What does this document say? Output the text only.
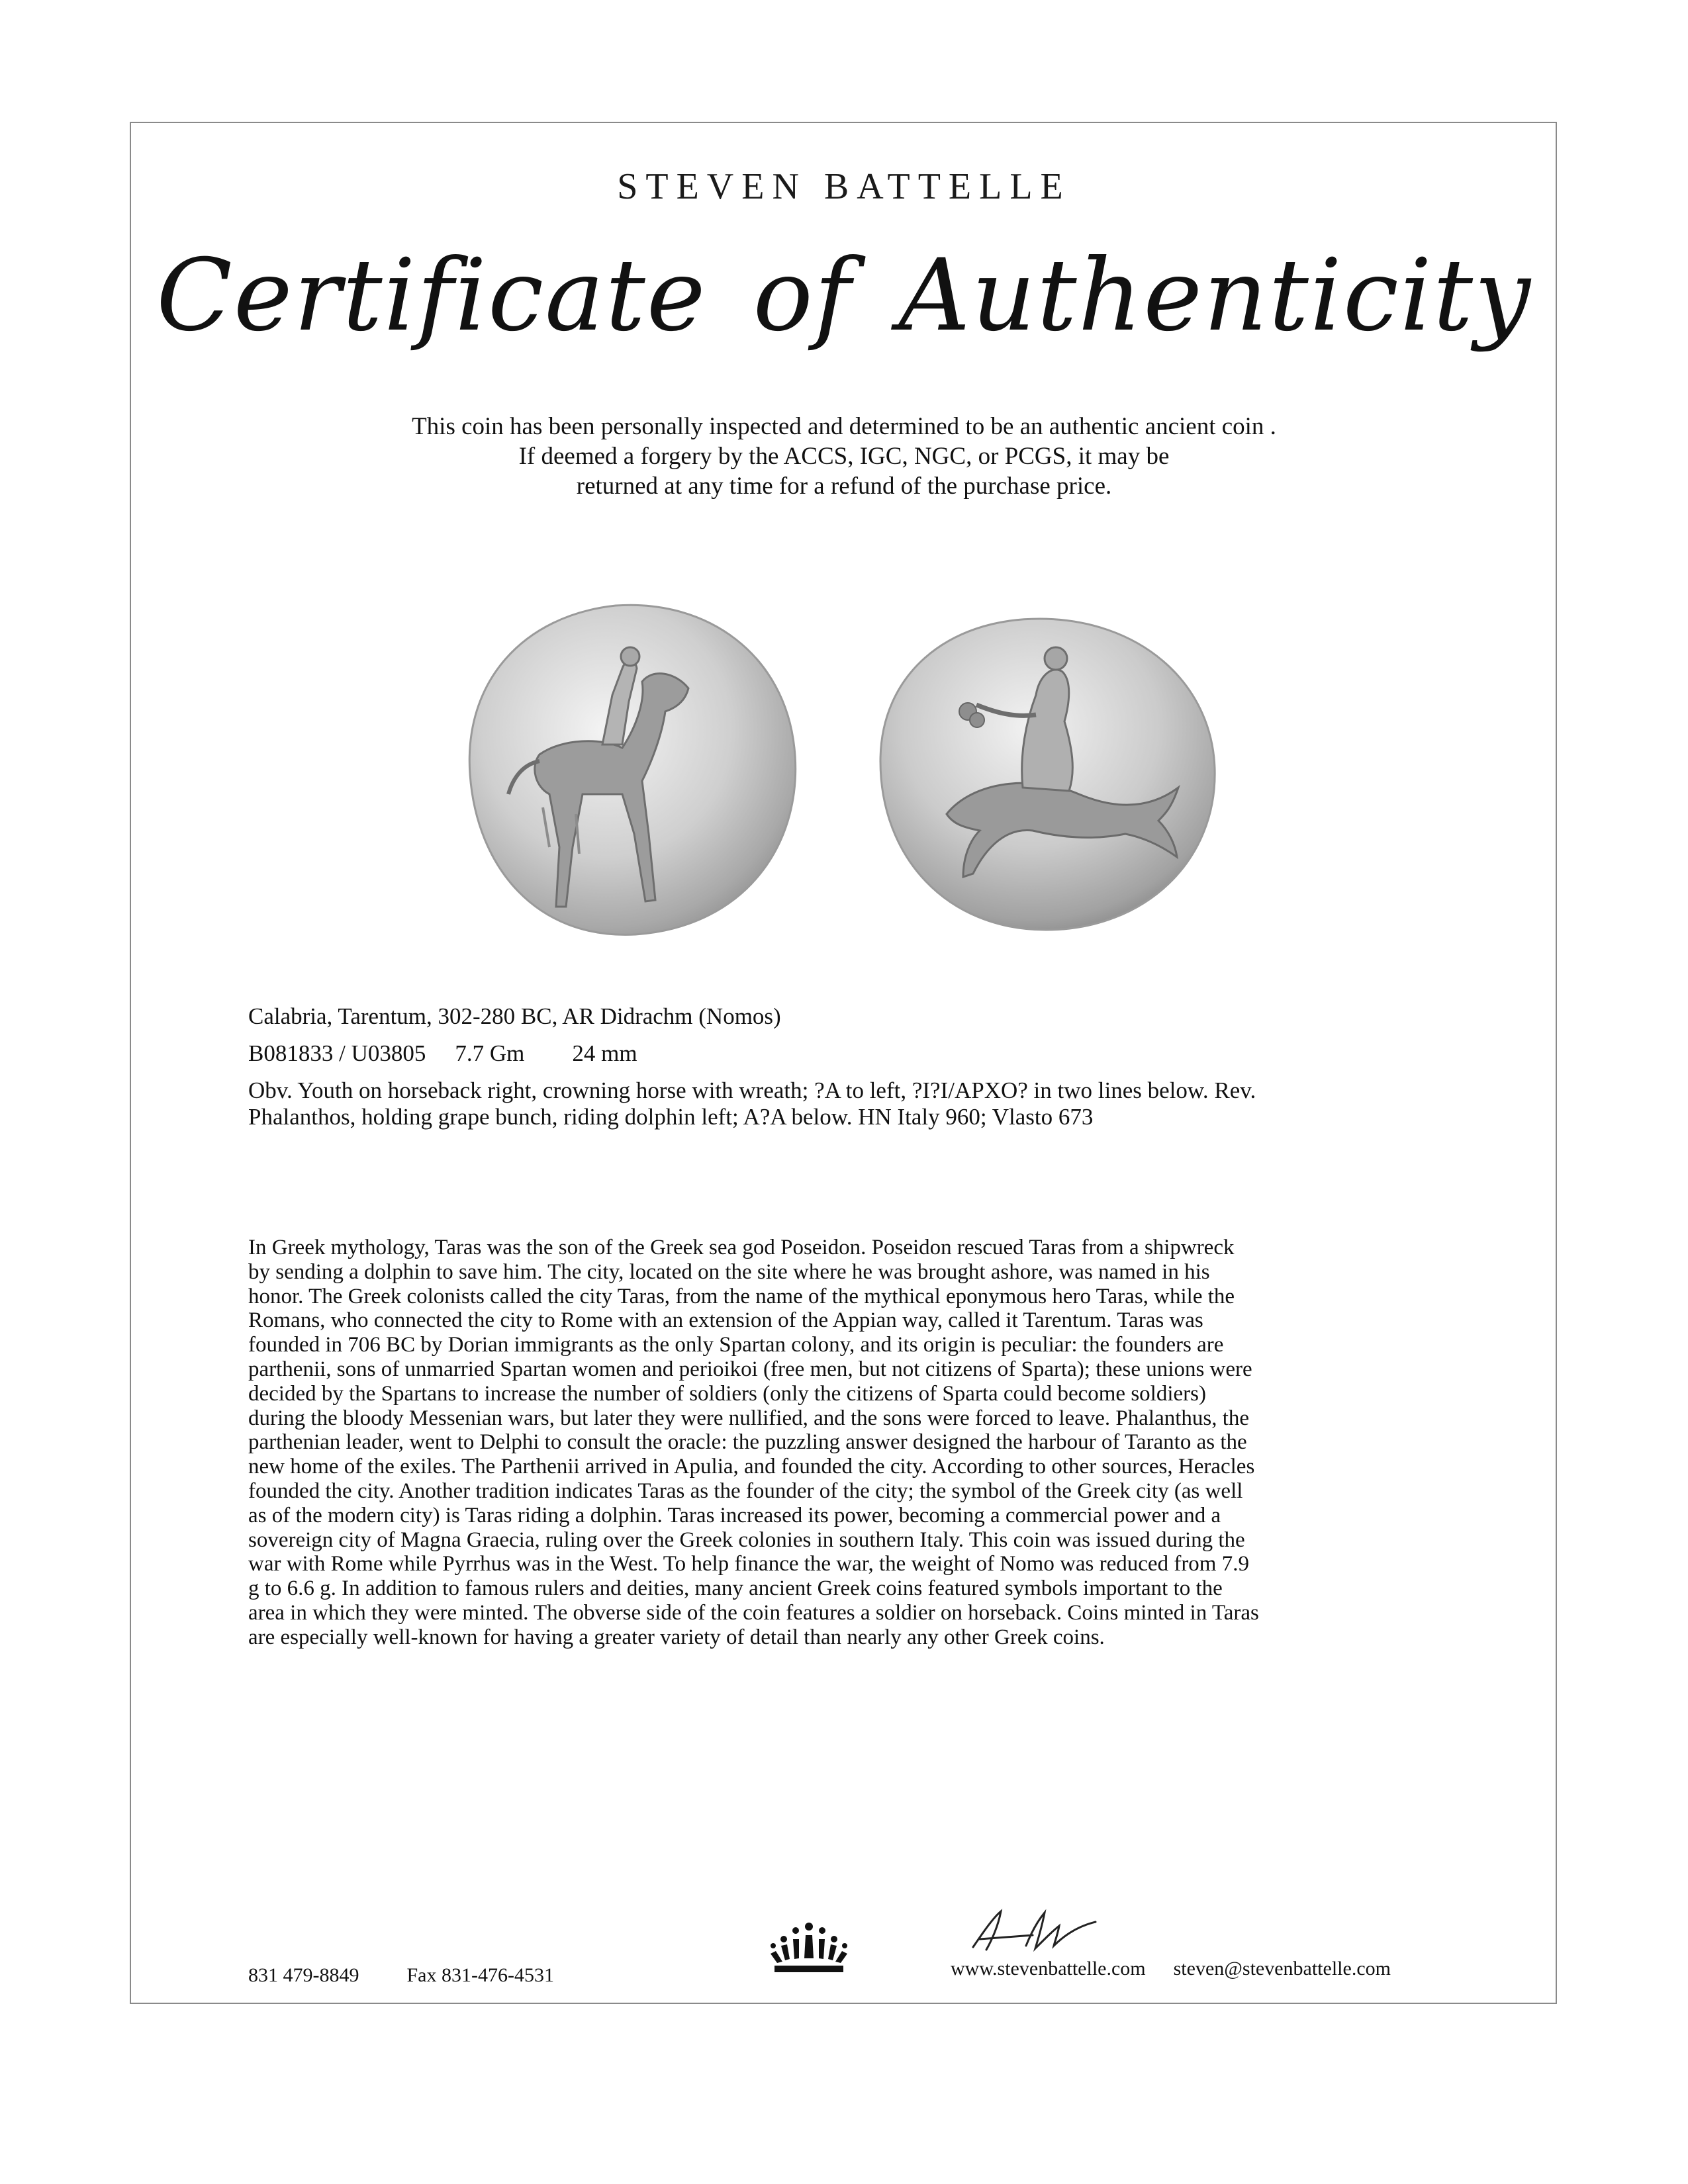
STEVEN BATTELLE
Certificate of Authenticity
This coin has been personally inspected and determined to be an authentic ancient coin .
If deemed a forgery by the ACCS, IGC, NGC, or PCGS, it may be
returned at any time for a refund of the purchase price.
Calabria, Tarentum, 302-280 BC, AR Didrachm (Nomos)
B081833 / U03805 7.7 Gm 24 mm
Obv. Youth on horseback right, crowning horse with wreath; ?A to left, ?I?I/APXO? in two lines below. Rev.
Phalanthos, holding grape bunch, riding dolphin left; A?A below. HN Italy 960; Vlasto 673

In Greek mythology, Taras was the son of the Greek sea god Poseidon. Poseidon rescued Taras from a shipwreck

by sending a dolphin to save him. The city, located on the site where he was brought ashore, was named in his

honor. The Greek colonists called the city Taras, from the name of the mythical eponymous hero Taras, while the

Romans, who connected the city to Rome with an extension of the Appian way, called it Tarentum. Taras was

founded in 706 BC by Dorian immigrants as the only Spartan colony, and its origin is peculiar: the founders are

parthenii, sons of unmarried Spartan women and perioikoi (free men, but not citizens of Sparta); these unions were

decided by the Spartans to increase the number of soldiers (only the citizens of Sparta could become soldiers)

during the bloody Messenian wars, but later they were nullified, and the sons were forced to leave. Phalanthus, the

parthenian leader, went to Delphi to consult the oracle: the puzzling answer designed the harbour of Taranto as the

new home of the exiles. The Parthenii arrived in Apulia, and founded the city. According to other sources, Heracles

founded the city. Another tradition indicates Taras as the founder of the city; the symbol of the Greek city (as well

as of the modern city) is Taras riding a dolphin. Taras increased its power, becoming a commercial power and a

sovereign city of Magna Graecia, ruling over the Greek colonies in southern Italy. This coin was issued during the

war with Rome while Pyrrhus was in the West. To help finance the war, the weight of Nomo was reduced from 7.9

g to 6.6 g. In addition to famous rulers and deities, many ancient Greek coins featured symbols important to the

area in which they were minted. The obverse side of the coin features a soldier on horseback. Coins minted in Taras

are especially well-known for having a greater variety of detail than nearly any other Greek coins.

831 479-8849 Fax 831-476-4531	www.stevenbattelle.com steven@stevenbattelle.com
